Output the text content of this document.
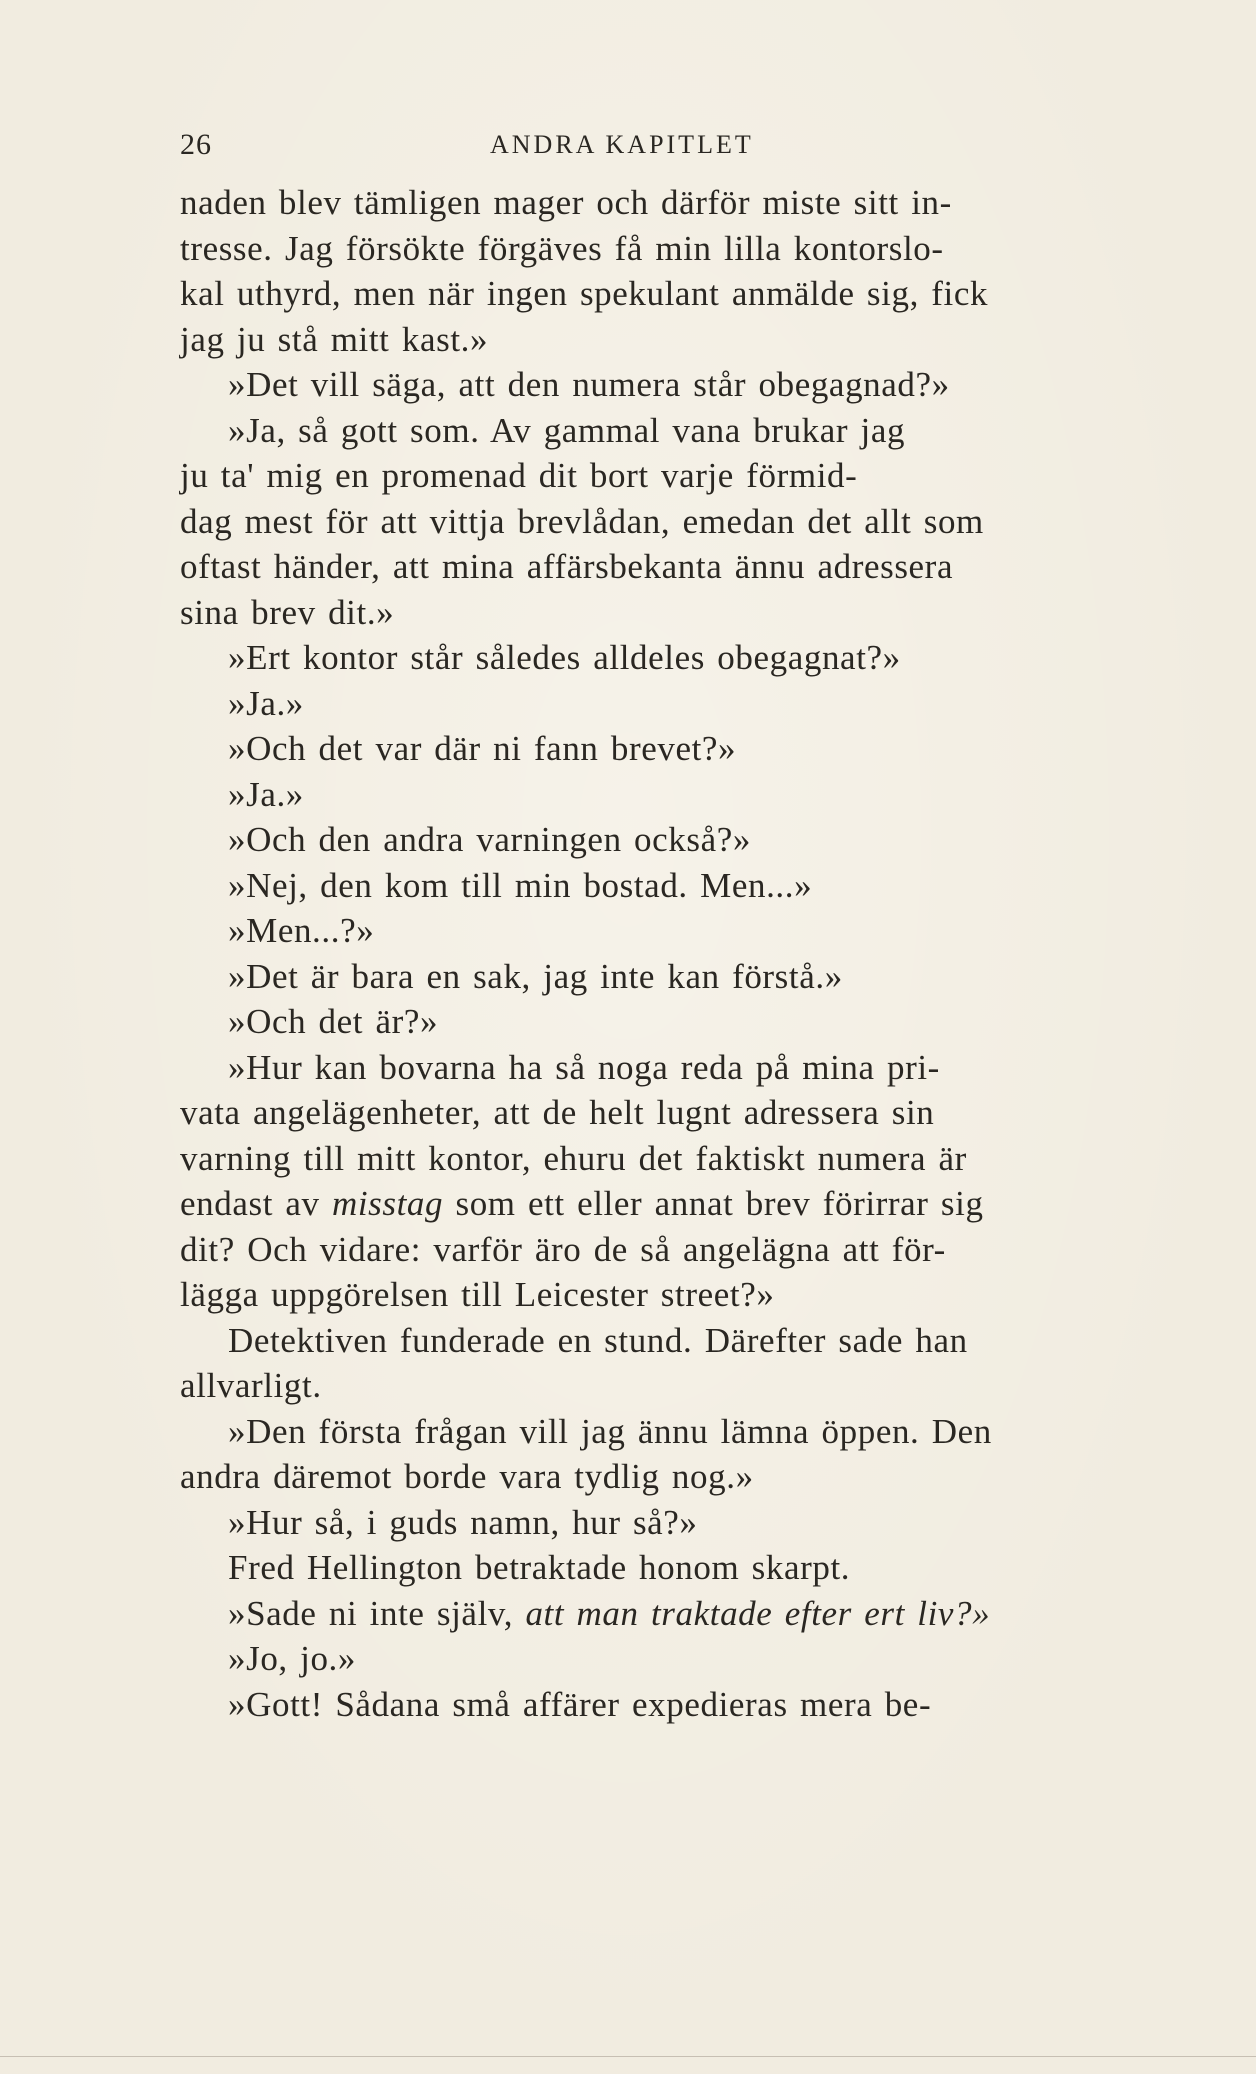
26	ANDRA KAPITLET
naden blev tämligen mager och därför miste sitt in-
tresse. Jag försökte förgäves få min lilla kontorslo-
kal uthyrd, men när ingen spekulant anmälde sig, fick
jag ju stå mitt kast.»
»Det vill säga, att den numera står obegagnad?»
»Ja, så gott som. Av gammal vana brukar jag
ju ta' mig en promenad dit bort varje förmid-
dag mest för att vittja brevlådan, emedan det allt som
oftast händer, att mina affärsbekanta ännu adressera
sina brev dit.»
»Ert kontor står således alldeles obegagnat?»
»Ja.»
»Och det var där ni fann brevet?»
»Ja.»
»Och den andra varningen också?»
»Nej, den kom till min bostad. Men...»
»Men...?»
»Det är bara en sak, jag inte kan förstå.»
»Och det är?»
»Hur kan bovarna ha så noga reda på mina pri-
vata angelägenheter, att de helt lugnt adressera sin
varning till mitt kontor, ehuru det faktiskt numera är
endast av misstag som ett eller annat brev förirrar sig
dit? Och vidare: varför äro de så angelägna att för-
lägga uppgörelsen till Leicester street?»
Detektiven funderade en stund. Därefter sade han
allvarligt.
»Den första frågan vill jag ännu lämna öppen. Den
andra däremot borde vara tydlig nog.»
»Hur så, i guds namn, hur så?»
Fred Hellington betraktade honom skarpt.
»Sade ni inte själv, att man traktade efter ert liv?»
»Jo, jo.»
»Gott! Sådana små affärer expedieras mera be-
